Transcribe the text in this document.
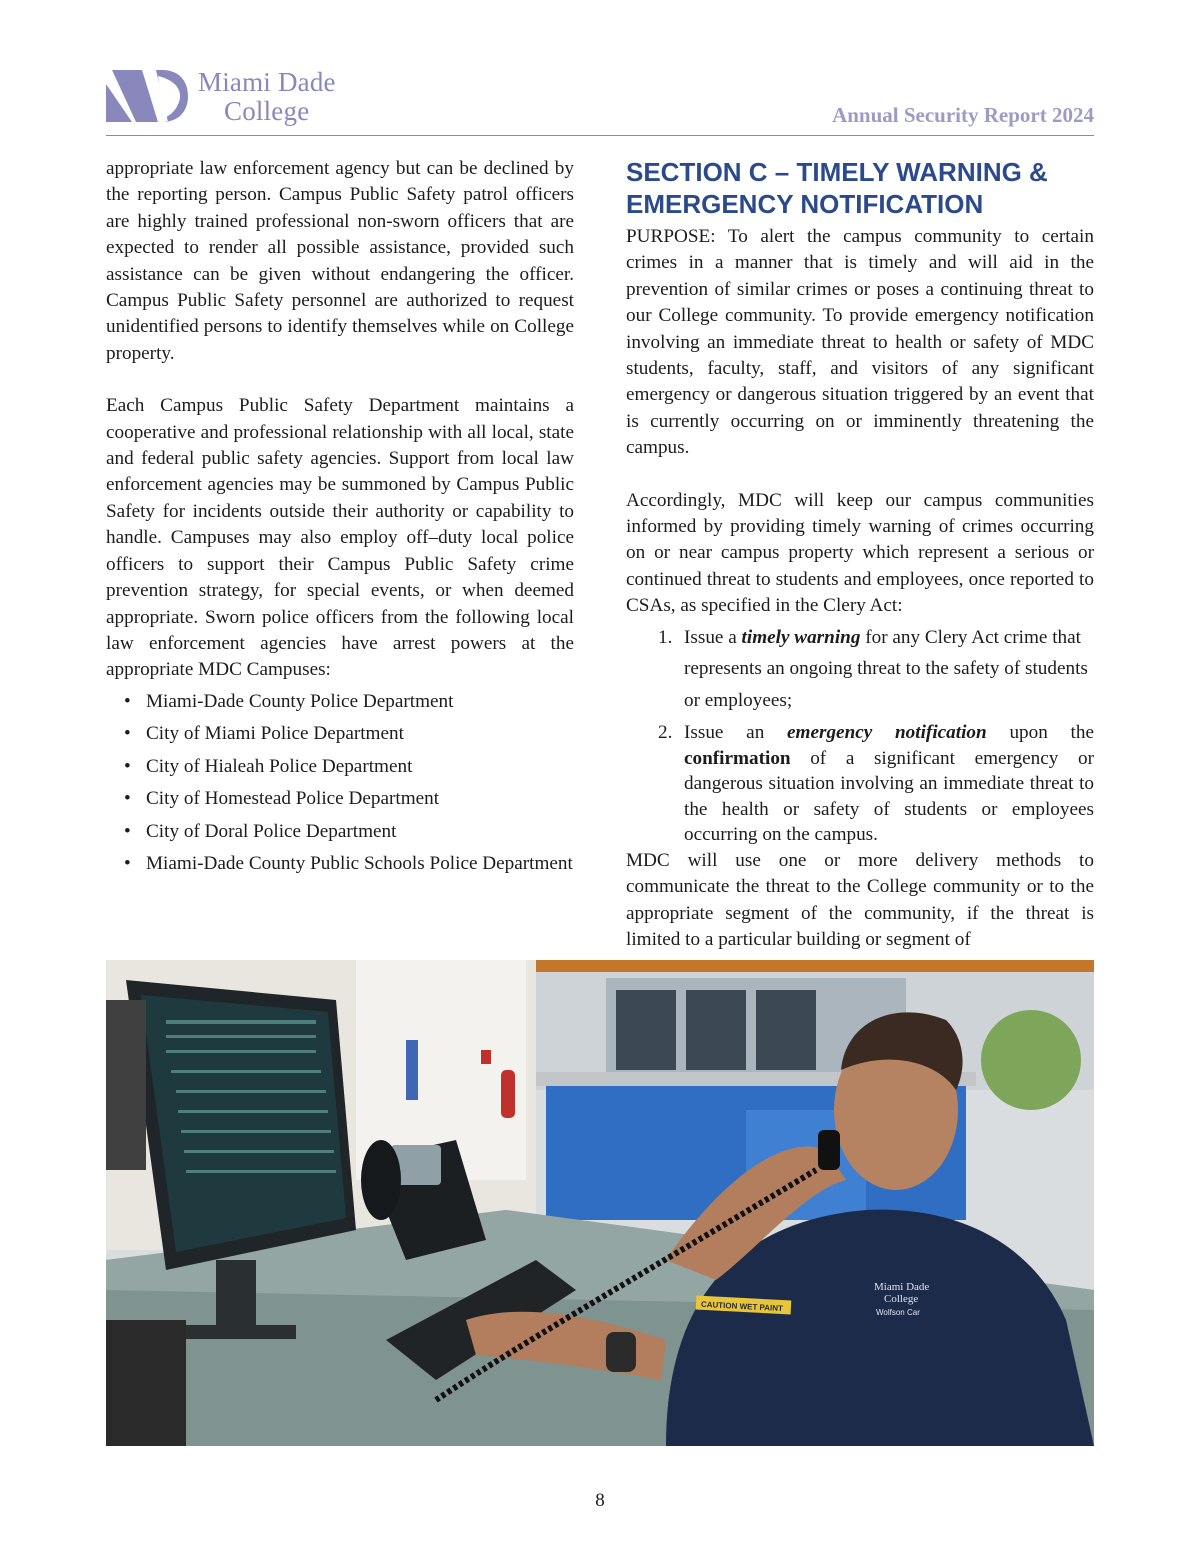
Miami Dade
College	Annual Security Report 2024

appropriate law enforcement agency but can be declined by the reporting person. Campus Public Safety patrol officers are highly trained professional non-sworn officers that are expected to render all possible assistance, provided such assistance can be given without endangering the officer. Campus Public Safety personnel are authorized to request unidentified persons to identify themselves while on College property.

Each Campus Public Safety Department maintains a cooperative and professional relationship with all local, state and federal public safety agencies. Support from local law enforcement agencies may be summoned by Campus Public Safety for incidents outside their authority or capability to handle. Campuses may also employ off–duty local police officers to support their Campus Public Safety crime prevention strategy, for special events, or when deemed appropriate. Sworn police officers from the following local law enforcement agencies have arrest powers at the appropriate MDC Campuses:

• Miami-Dade County Police Department
• City of Miami Police Department
• City of Hialeah Police Department
• City of Homestead Police Department
• City of Doral Police Department
• Miami-Dade County Public Schools Police Department
SECTION C – TIMELY WARNING & EMERGENCY NOTIFICATION

PURPOSE: To alert the campus community to certain crimes in a manner that is timely and will aid in the prevention of similar crimes or poses a continuing threat to our College community. To provide emergency notification involving an immediate threat to health or safety of MDC students, faculty, staff, and visitors of any significant emergency or dangerous situation triggered by an event that is currently occurring on or imminently threatening the campus.

Accordingly, MDC will keep our campus communities informed by providing timely warning of crimes occurring on or near campus property which represent a serious or continued threat to students and employees, once reported to CSAs, as specified in the Clery Act:

1. Issue a timely warning for any Clery Act crime that represents an ongoing threat to the safety of students or employees;
2. Issue an emergency notification upon the confirmation of a significant emergency or dangerous situation involving an immediate threat to the health or safety of students or employees occurring on the campus.

MDC will use one or more delivery methods to communicate the threat to the College community or to the appropriate segment of the community, if the threat is limited to a particular building or segment of

Miami Dade
College
Wolfson Car
CAUTION WET PAINT
8
